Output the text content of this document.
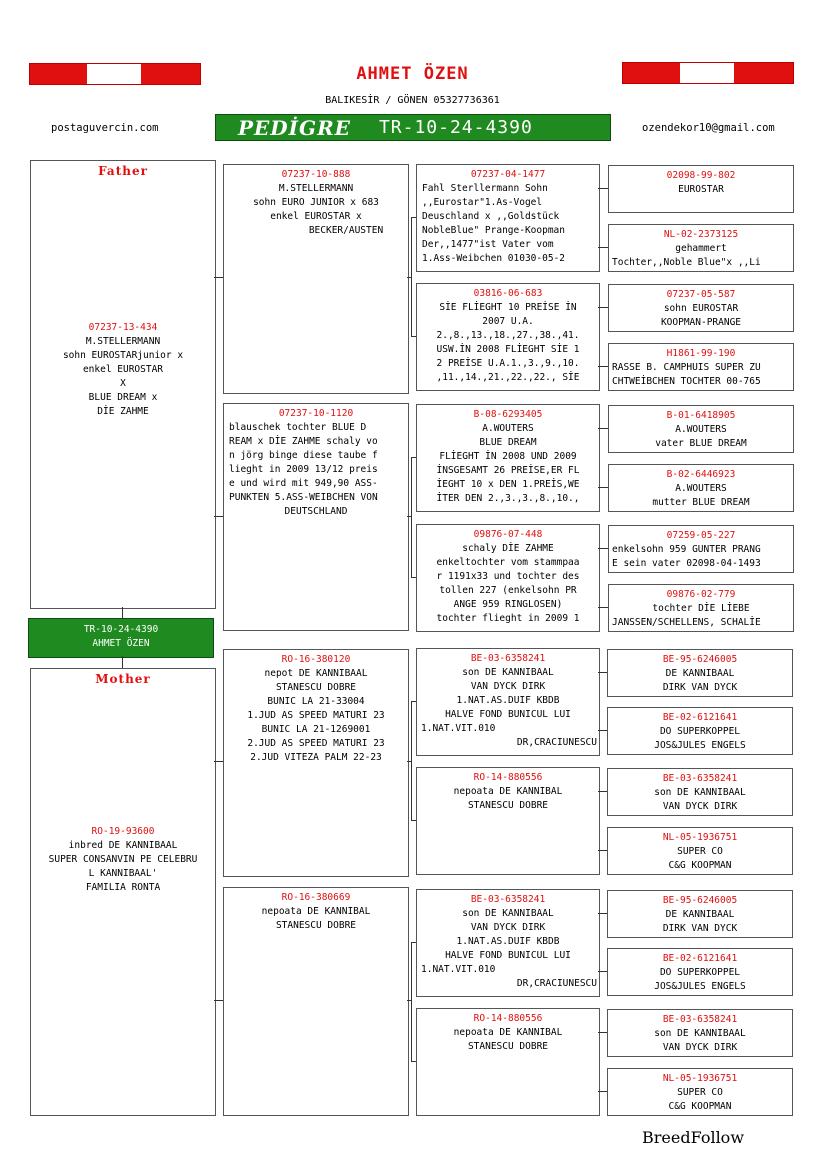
AHMET ÖZEN
BALIKESİR / GÖNEN 05327736361
postaguvercin.com	ozendekor10@gmail.com
PEDİGRE TR-10-24-4390
Father
07237-13-434
M.STELLERMANN
sohn EUROSTARjunior x
enkel EUROSTAR
X
BLUE DREAM x
DİE ZAHME
TR-10-24-4390
AHMET ÖZEN
Mother
RO-19-93600
inbred DE KANNIBAAL
SUPER CONSANVIN PE CELEBRU
L KANNIBAAL'
FAMILIA RONTA
07237-10-888
M.STELLERMANN
sohn EURO JUNIOR x 683
enkel EUROSTAR x
BECKER/AUSTEN
07237-10-1120
blauschek tochter BLUE D
REAM x DİE ZAHME schaly vo
n jörg binge diese taube f
lieght in 2009 13/12 preis
e und wird mit 949,90 ASS-
PUNKTEN 5.ASS-WEIBCHEN VON
DEUTSCHLAND
RO-16-380120
nepot DE KANNIBAAL
STANESCU DOBRE
BUNIC LA 21-33004
1.JUD AS SPEED MATURI 23
BUNIC LA 21-1269001
2.JUD AS SPEED MATURI 23
2.JUD VITEZA PALM 22-23
RO-16-380669
nepoata DE KANNIBAL
STANESCU DOBRE
07237-04-1477
Fahl Sterllermann Sohn
,,Eurostar"1.As-Vogel
Deuschland x ,,Goldstück
NobleBlue" Prange-Koopman
Der,,1477"ist Vater vom
1.Ass-Weibchen 01030-05-2
03816-06-683
SİE FLİEGHT 10 PREİSE İN
2007 U.A.
2.,8.,13.,18.,27.,38.,41.
USW.İN 2008 FLİEGHT SİE 1
2 PREİSE U.A.1.,3.,9.,10.
,11.,14.,21.,22.,22., SİE
B-08-6293405
A.WOUTERS
BLUE DREAM
FLİEGHT İN 2008 UND 2009
İNSGESAMT 26 PREİSE,ER FL
İEGHT 10 x DEN 1.PREİS,WE
İTER DEN 2.,3.,3.,8.,10.,
09876-07-448
schaly DİE ZAHME
enkeltochter vom stammpaa
r 1191x33 und tochter des
tollen 227 (enkelsohn PR
ANGE 959 RINGLOSEN)
tochter flieght in 2009 1
BE-03-6358241
son DE KANNIBAAL
VAN DYCK DIRK
1.NAT.AS.DUIF KBDB
HALVE FOND BUNICUL LUI
1.NAT.VIT.010
DR,CRACIUNESCU
RO-14-880556
nepoata DE KANNIBAL
STANESCU DOBRE
BE-03-6358241
son DE KANNIBAAL
VAN DYCK DIRK
1.NAT.AS.DUIF KBDB
HALVE FOND BUNICUL LUI
1.NAT.VIT.010
DR,CRACIUNESCU
RO-14-880556
nepoata DE KANNIBAL
STANESCU DOBRE
02098-99-802
EUROSTAR
NL-02-2373125
gehammert
Tochter,,Noble Blue"x ,,Li
07237-05-587
sohn EUROSTAR
KOOPMAN-PRANGE
H1861-99-190
RASSE B. CAMPHUIS SUPER ZU
CHTWEİBCHEN TOCHTER 00-765
B-01-6418905
A.WOUTERS
vater BLUE DREAM
B-02-6446923
A.WOUTERS
mutter BLUE DREAM
07259-05-227
enkelsohn 959 GUNTER PRANG
E sein vater 02098-04-1493
09876-02-779
tochter DİE LİEBE
JANSSEN/SCHELLENS, SCHALİE
BE-95-6246005
DE KANNIBAAL
DIRK VAN DYCK
BE-02-6121641
DO SUPERKOPPEL
JOS&JULES ENGELS
BE-03-6358241
son DE KANNIBAAL
VAN DYCK DIRK
NL-05-1936751
SUPER CO
C&G KOOPMAN
BE-95-6246005
DE KANNIBAAL
DIRK VAN DYCK
BE-02-6121641
DO SUPERKOPPEL
JOS&JULES ENGELS
BE-03-6358241
son DE KANNIBAAL
VAN DYCK DIRK
NL-05-1936751
SUPER CO
C&G KOOPMAN
BreedFollow
